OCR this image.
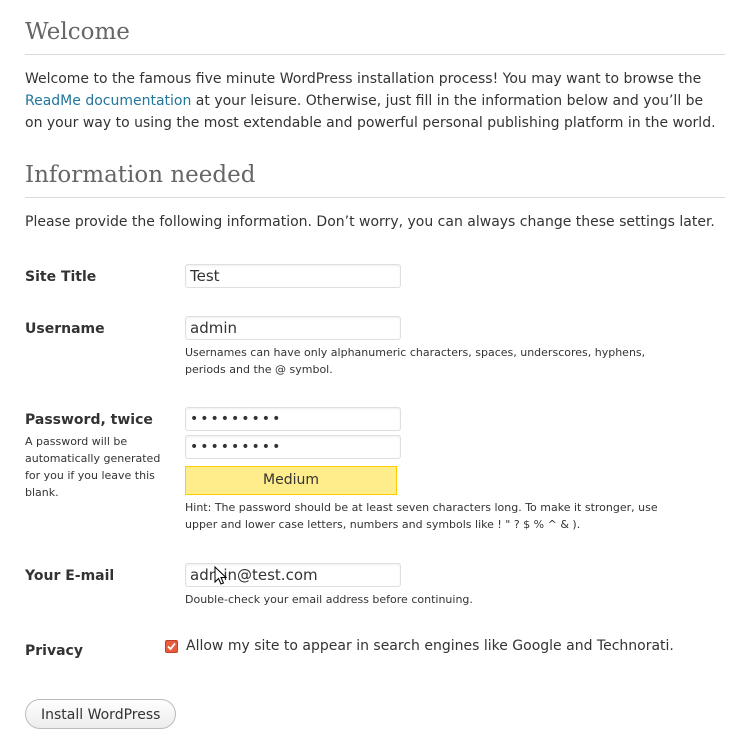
Welcome

Welcome to the famous five minute WordPress installation process! You may want to browse the ReadMe documentation at your leisure. Otherwise, just fill in the information below and you’ll be on your way to using the most extendable and powerful personal publishing platform in the world.

Information needed

Please provide the following information. Don’t worry, you can always change these settings later.

Site Title
Test
Username
admin
Usernames can have only alphanumeric characters, spaces, underscores, hyphens, periods and the @ symbol.
Password, twice
A password will be automatically generated for you if you leave this blank.
•••••••••
•••••••••
Medium
Hint: The password should be at least seven characters long. To make it stronger, use upper and lower case letters, numbers and symbols like ! " ? $ % ^ & ).
Your E-mail
admin@test.com
Double-check your email address before continuing.
Privacy	Allow my site to appear in search engines like Google and Technorati.
Install WordPress
